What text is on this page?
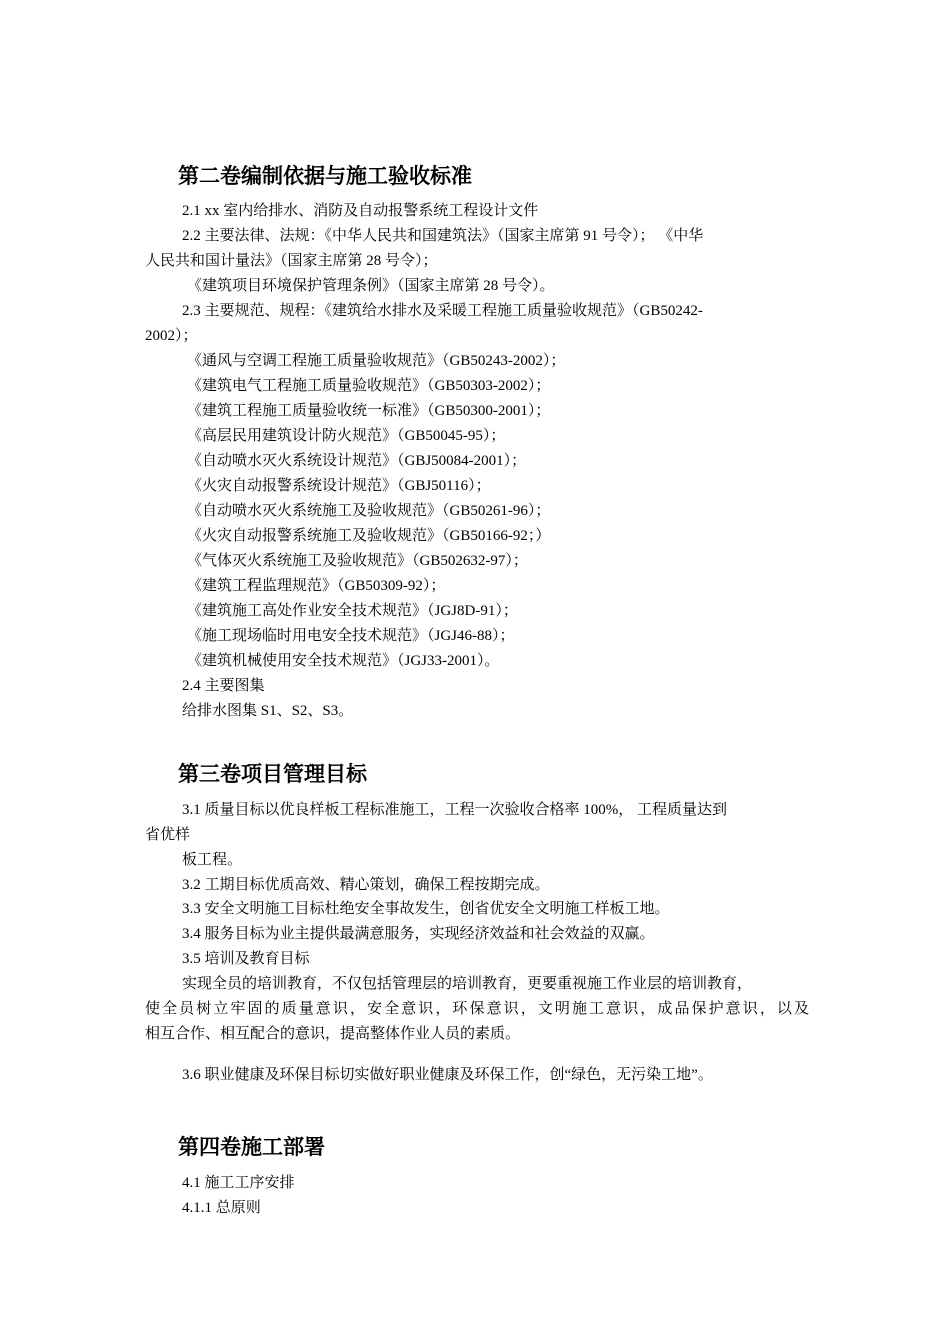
第二卷编制依据与施工验收标准
2.1 xx 室内给排水、消防及自动报警系统工程设计文件
2.2 主要法律、法规：《中华人民共和国建筑法》（国家主席第 91 号令）； 《中华
人民共和国计量法》（国家主席第 28 号令）；
《建筑项目环境保护管理条例》（国家主席第 28 号令）。
2.3 主要规范、规程：《建筑给水排水及采暖工程施工质量验收规范》（GB50242-
2002）；
《通风与空调工程施工质量验收规范》（GB50243-2002）；
《建筑电气工程施工质量验收规范》（GB50303-2002）；
《建筑工程施工质量验收统一标准》（GB50300-2001）；
《高层民用建筑设计防火规范》（GB50045-95）；
《自动喷水灭火系统设计规范》（GBJ50084-2001）；
《火灾自动报警系统设计规范》（GBJ50116）；
《自动喷水灭火系统施工及验收规范》（GB50261-96）；
《火灾自动报警系统施工及验收规范》（GB50166-92；）
《气体灭火系统施工及验收规范》（GB502632-97）；
《建筑工程监理规范》（GB50309-92）；
《建筑施工高处作业安全技术规范》（JGJ8D-91）；
《施工现场临时用电安全技术规范》（JGJ46-88）；
《建筑机械使用安全技术规范》（JGJ33-2001）。
2.4 主要图集
给排水图集 S1、S2、S3。
第三卷项目管理目标
3.1 质量目标以优良样板工程标准施工，工程一次验收合格率 100%， 工程质量达到
省优样
板工程。
3.2 工期目标优质高效、精心策划，确保工程按期完成。
3.3 安全文明施工目标杜绝安全事故发生，创省优安全文明施工样板工地。
3.4 服务目标为业主提供最满意服务，实现经济效益和社会效益的双赢。
3.5 培训及教育目标
实现全员的培训教育，不仅包括管理层的培训教育，更要重视施工作业层的培训教育，
使全员树立牢固的质量意识，安全意识，环保意识，文明施工意识，成品保护意识，以及
相互合作、相互配合的意识，提高整体作业人员的素质。
3.6 职业健康及环保目标切实做好职业健康及环保工作，创“绿色，无污染工地”。
第四卷施工部署
4.1 施工工序安排
4.1.1 总原则
